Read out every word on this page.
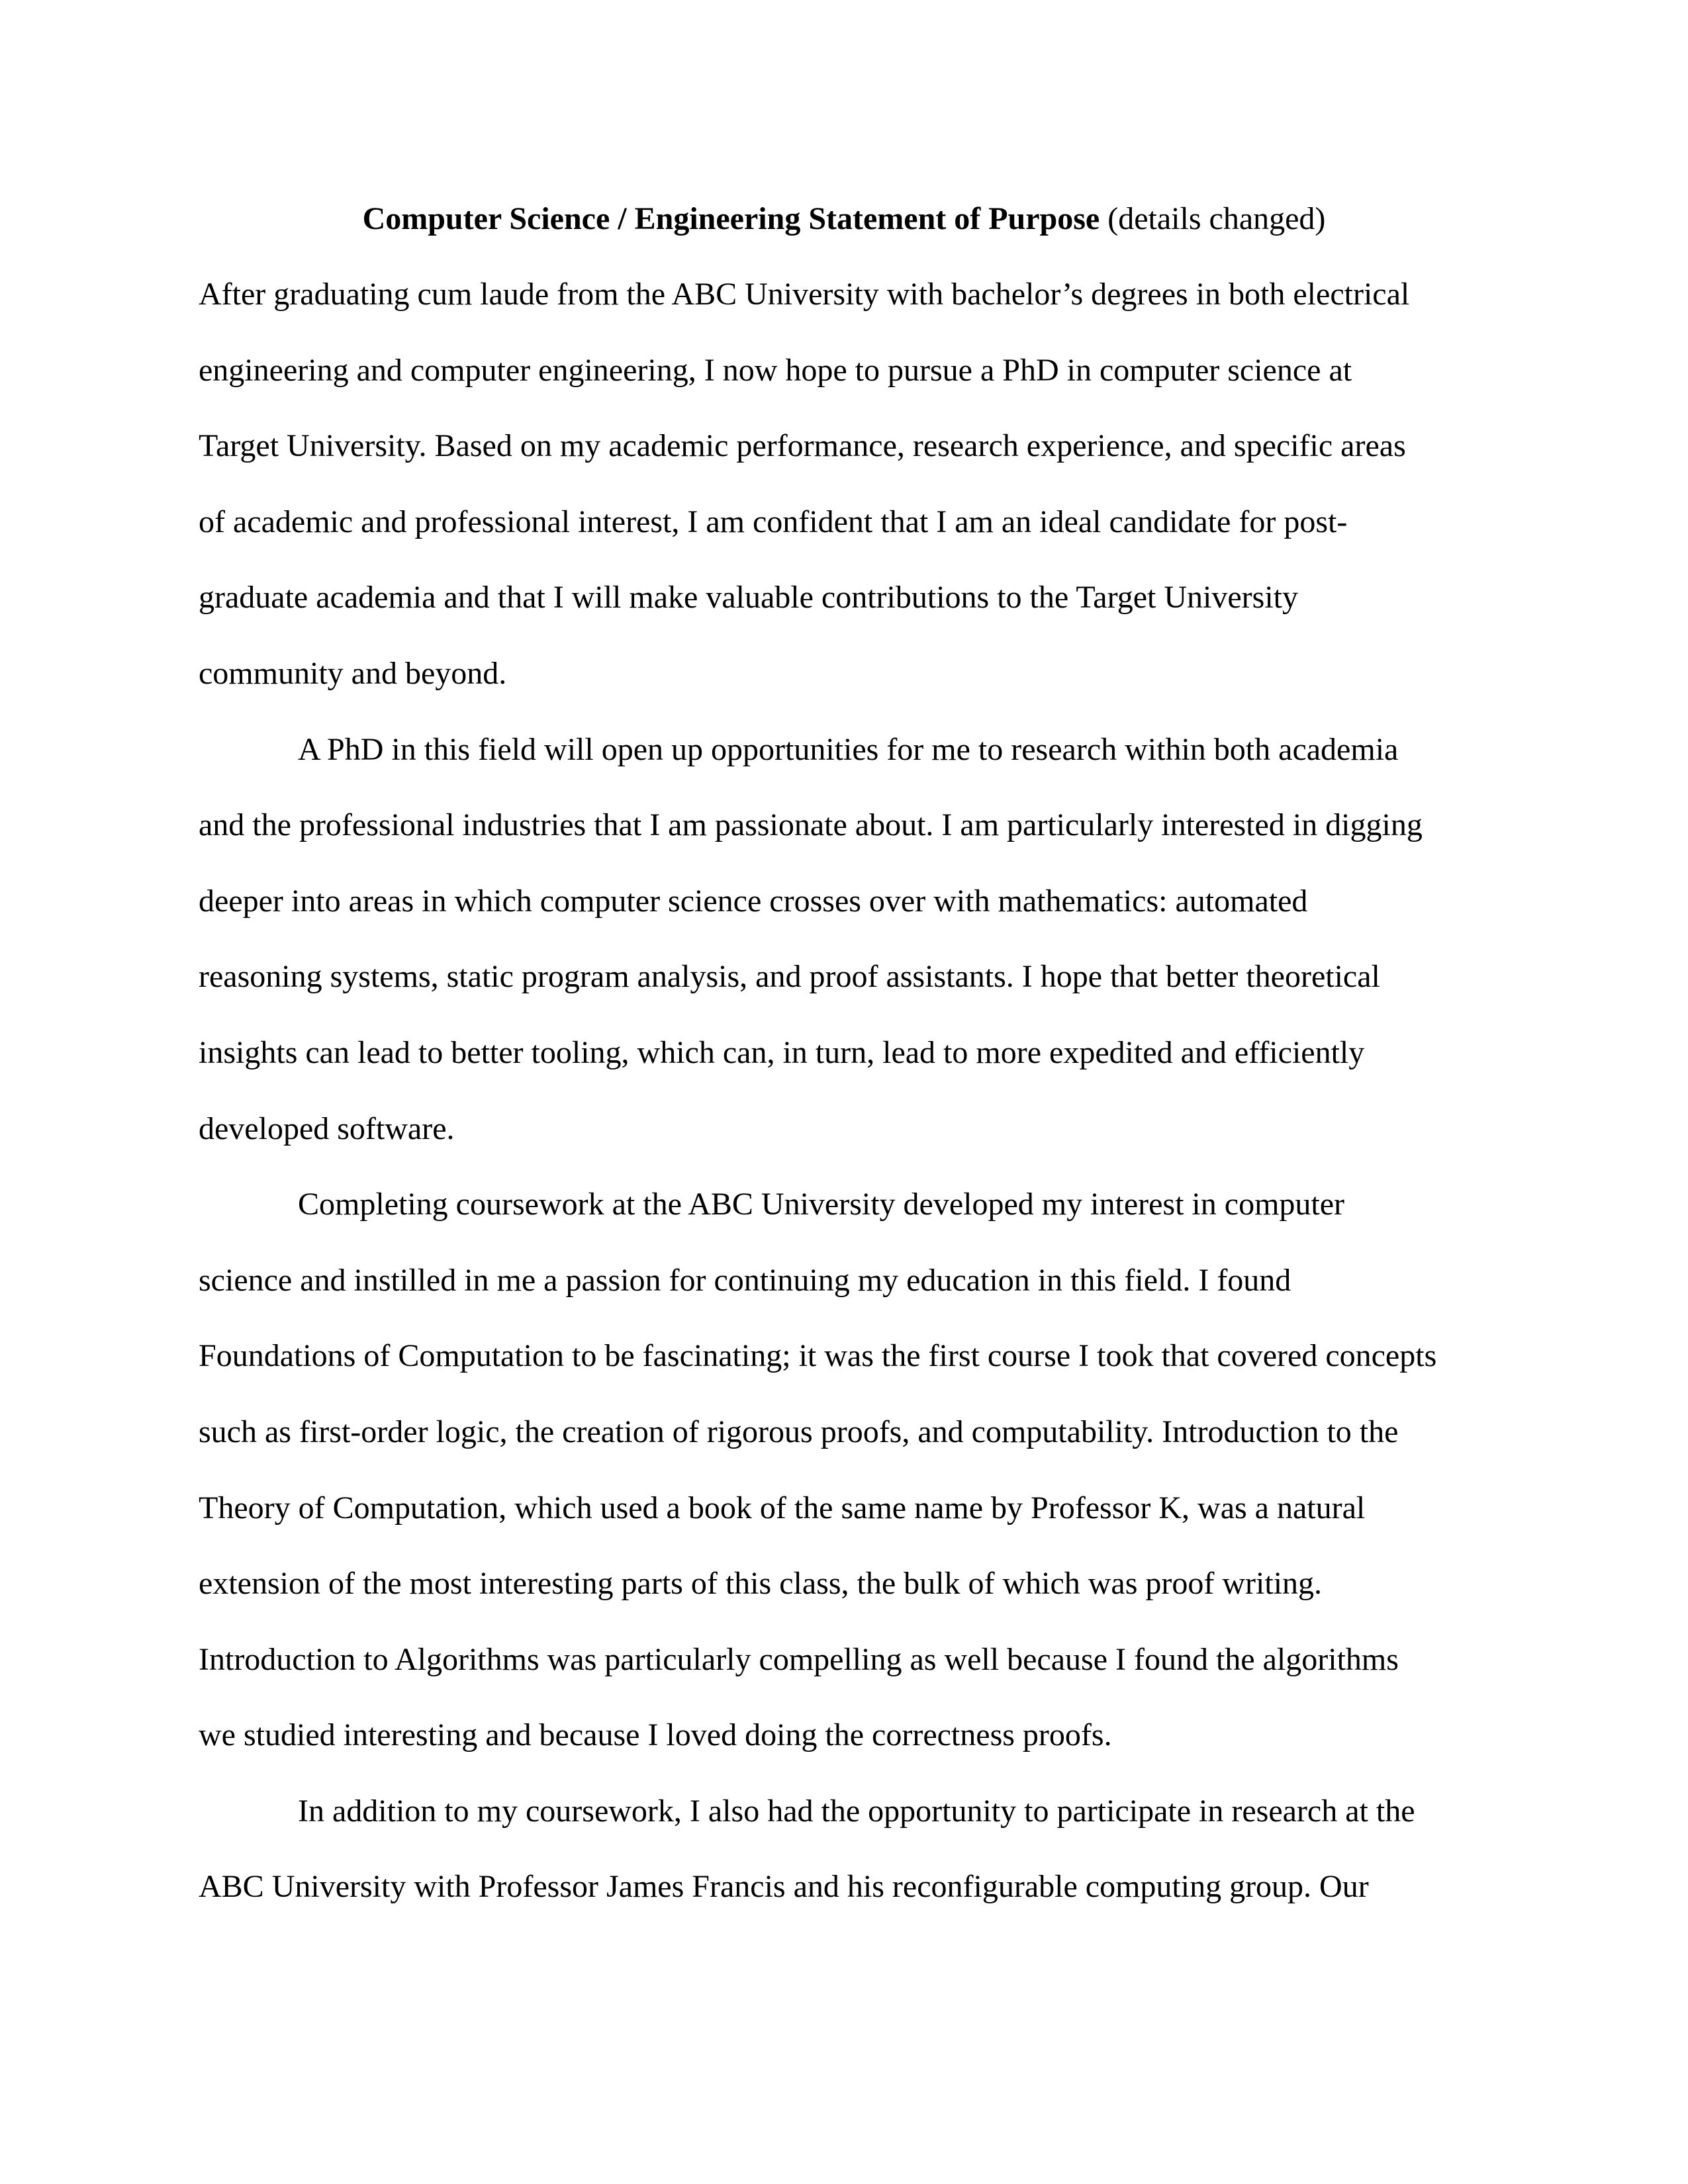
Computer Science / Engineering Statement of Purpose (details changed)
After graduating cum laude from the ABC University with bachelor’s degrees in both electrical
engineering and computer engineering, I now hope to pursue a PhD in computer science at
Target University. Based on my academic performance, research experience, and specific areas
of academic and professional interest, I am confident that I am an ideal candidate for post-
graduate academia and that I will make valuable contributions to the Target University
community and beyond.
A PhD in this field will open up opportunities for me to research within both academia
and the professional industries that I am passionate about. I am particularly interested in digging
deeper into areas in which computer science crosses over with mathematics: automated
reasoning systems, static program analysis, and proof assistants. I hope that better theoretical
insights can lead to better tooling, which can, in turn, lead to more expedited and efficiently
developed software.
Completing coursework at the ABC University developed my interest in computer
science and instilled in me a passion for continuing my education in this field. I found
Foundations of Computation to be fascinating; it was the first course I took that covered concepts
such as first-order logic, the creation of rigorous proofs, and computability. Introduction to the
Theory of Computation, which used a book of the same name by Professor K, was a natural
extension of the most interesting parts of this class, the bulk of which was proof writing.
Introduction to Algorithms was particularly compelling as well because I found the algorithms
we studied interesting and because I loved doing the correctness proofs.
In addition to my coursework, I also had the opportunity to participate in research at the
ABC University with Professor James Francis and his reconfigurable computing group. Our
